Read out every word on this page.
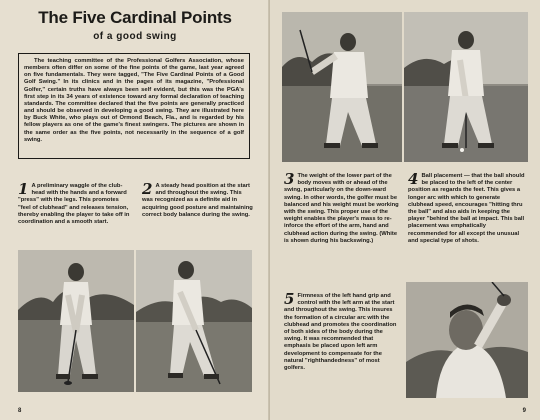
The Five Cardinal Points
of a good swing

The teaching committee of the Professional Golfers Association, whose members often differ on some of the fine points of the game, last year agreed on five fundamentals. They were tagged, "The Five Cardinal Points of a Good Golf Swing." In its clinics and in the pages of its magazine, "Professional Golfer," certain truths have always been self evident, but this was the PGA's first step in its 34 years of existence toward any formal declaration of teaching standards. The committee declared that the five points are generally practiced and should be observed in developing a good swing. They are illustrated here by Buck White, who plays out of Ormond Beach, Fla., and is regarded by his fellow players as one of the game's finest swingers. The pictures are shown in the same order as the five points, not necessarily in the sequence of a golf swing.

1 A preliminary waggle of the club-head with the hands and a forward "press" with the legs. This promotes "feel of clubhead" and releases tension, thereby enabling the player to take off in coordination and a smooth start.
2 A steady head position at the start and throughout the swing. This was recognized as a definite aid in acquiring good posture and maintaining correct body balance during the swing.
8
3 The weight of the lower part of the body moves with or ahead of the swing, particularly on the down-ward swing. In other words, the golfer must be balanced and his weight must be working with the swing. This proper use of the weight enables the player's mass to re-inforce the effort of the arm, hand and clubhead action during the swing. (White is shown during his backswing.)
4 Ball placement — that the ball should be placed to the left of the center position as regards the feet. This gives a longer arc with which to generate clubhead speed, encourages "hitting thru the ball" and also aids in keeping the player "behind the ball at impact. This ball placement was emphatically recommended for all except the unusual and special type of shots.
5 Firmness of the left hand grip and control with the left arm at the start and throughout the swing. This insures the formation of a circular arc with the clubhead and promotes the coordination of both sides of the body during the swing. It was recommended that emphasis be placed upon left arm development to compensate for the natural "righthandedness" of most golfers.
9
